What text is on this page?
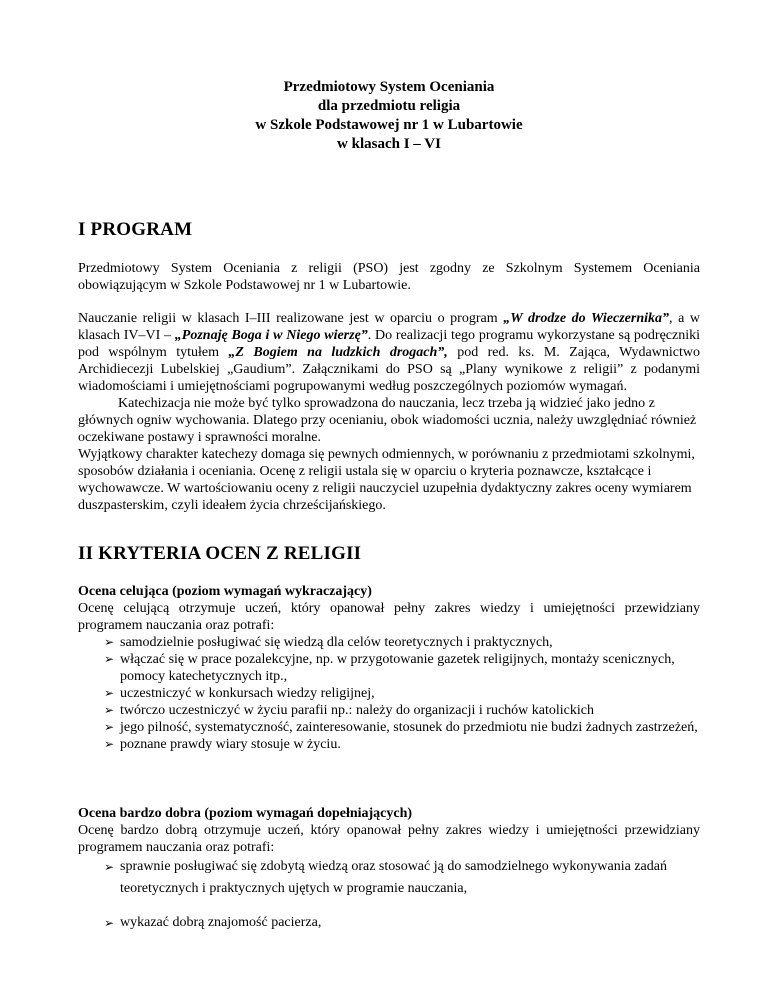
Przedmiotowy System Oceniania
dla przedmiotu religia
w Szkole Podstawowej nr 1 w Lubartowie
w klasach I – VI
I PROGRAM

Przedmiotowy System Oceniania z religii (PSO) jest zgodny ze Szkolnym Systemem Oceniania obowiązującym w Szkole Podstawowej nr 1 w Lubartowie.

Nauczanie religii w klasach I–III realizowane jest w oparciu o program „W drodze do Wieczernika”, a w klasach IV–VI – „Poznaję Boga i w Niego wierzę”. Do realizacji tego programu wykorzystane są podręczniki pod wspólnym tytułem „Z Bogiem na ludzkich drogach”, pod red. ks. M. Zająca, Wydawnictwo Archidiecezji Lubelskiej „Gaudium”. Załącznikami do PSO są „Plany wynikowe z religii” z podanymi wiadomościami i umiejętnościami pogrupowanymi według poszczególnych poziomów wymagań.

Katechizacja nie może być tylko sprowadzona do nauczania, lecz trzeba ją widzieć jako jedno z głównych ogniw wychowania. Dlatego przy ocenianiu, obok wiadomości ucznia, należy uwzględniać również oczekiwane postawy i sprawności moralne.

Wyjątkowy charakter katechezy domaga się pewnych odmiennych, w porównaniu z przedmiotami szkolnymi, sposobów działania i oceniania. Ocenę z religii ustala się w oparciu o kryteria poznawcze, kształcące i wychowawcze. W wartościowaniu oceny z religii nauczyciel uzupełnia dydaktyczny zakres oceny wymiarem duszpasterskim, czyli ideałem życia chrześcijańskiego.

II KRYTERIA OCEN Z RELIGII

Ocena celująca (poziom wymagań wykraczający)

Ocenę celującą otrzymuje uczeń, który opanował pełny zakres wiedzy i umiejętności przewidziany programem nauczania oraz potrafi:

➢ samodzielnie posługiwać się wiedzą dla celów teoretycznych i praktycznych,
➢ włączać się w prace pozalekcyjne, np. w przygotowanie gazetek religijnych, montaży scenicznych, pomocy katechetycznych itp.,
➢ uczestniczyć w konkursach wiedzy religijnej,
➢ twórczo uczestniczyć w życiu parafii np.: należy do organizacji i ruchów katolickich
➢ jego pilność, systematyczność, zainteresowanie, stosunek do przedmiotu nie budzi żadnych zastrzeżeń,
➢ poznane prawdy wiary stosuje w życiu.

Ocena bardzo dobra (poziom wymagań dopełniających)

Ocenę bardzo dobrą otrzymuje uczeń, który opanował pełny zakres wiedzy i umiejętności przewidziany programem nauczania oraz potrafi:

➢ sprawnie posługiwać się zdobytą wiedzą oraz stosować ją do samodzielnego wykonywania zadań teoretycznych i praktycznych ujętych w programie nauczania,
➢ wykazać dobrą znajomość pacierza,
